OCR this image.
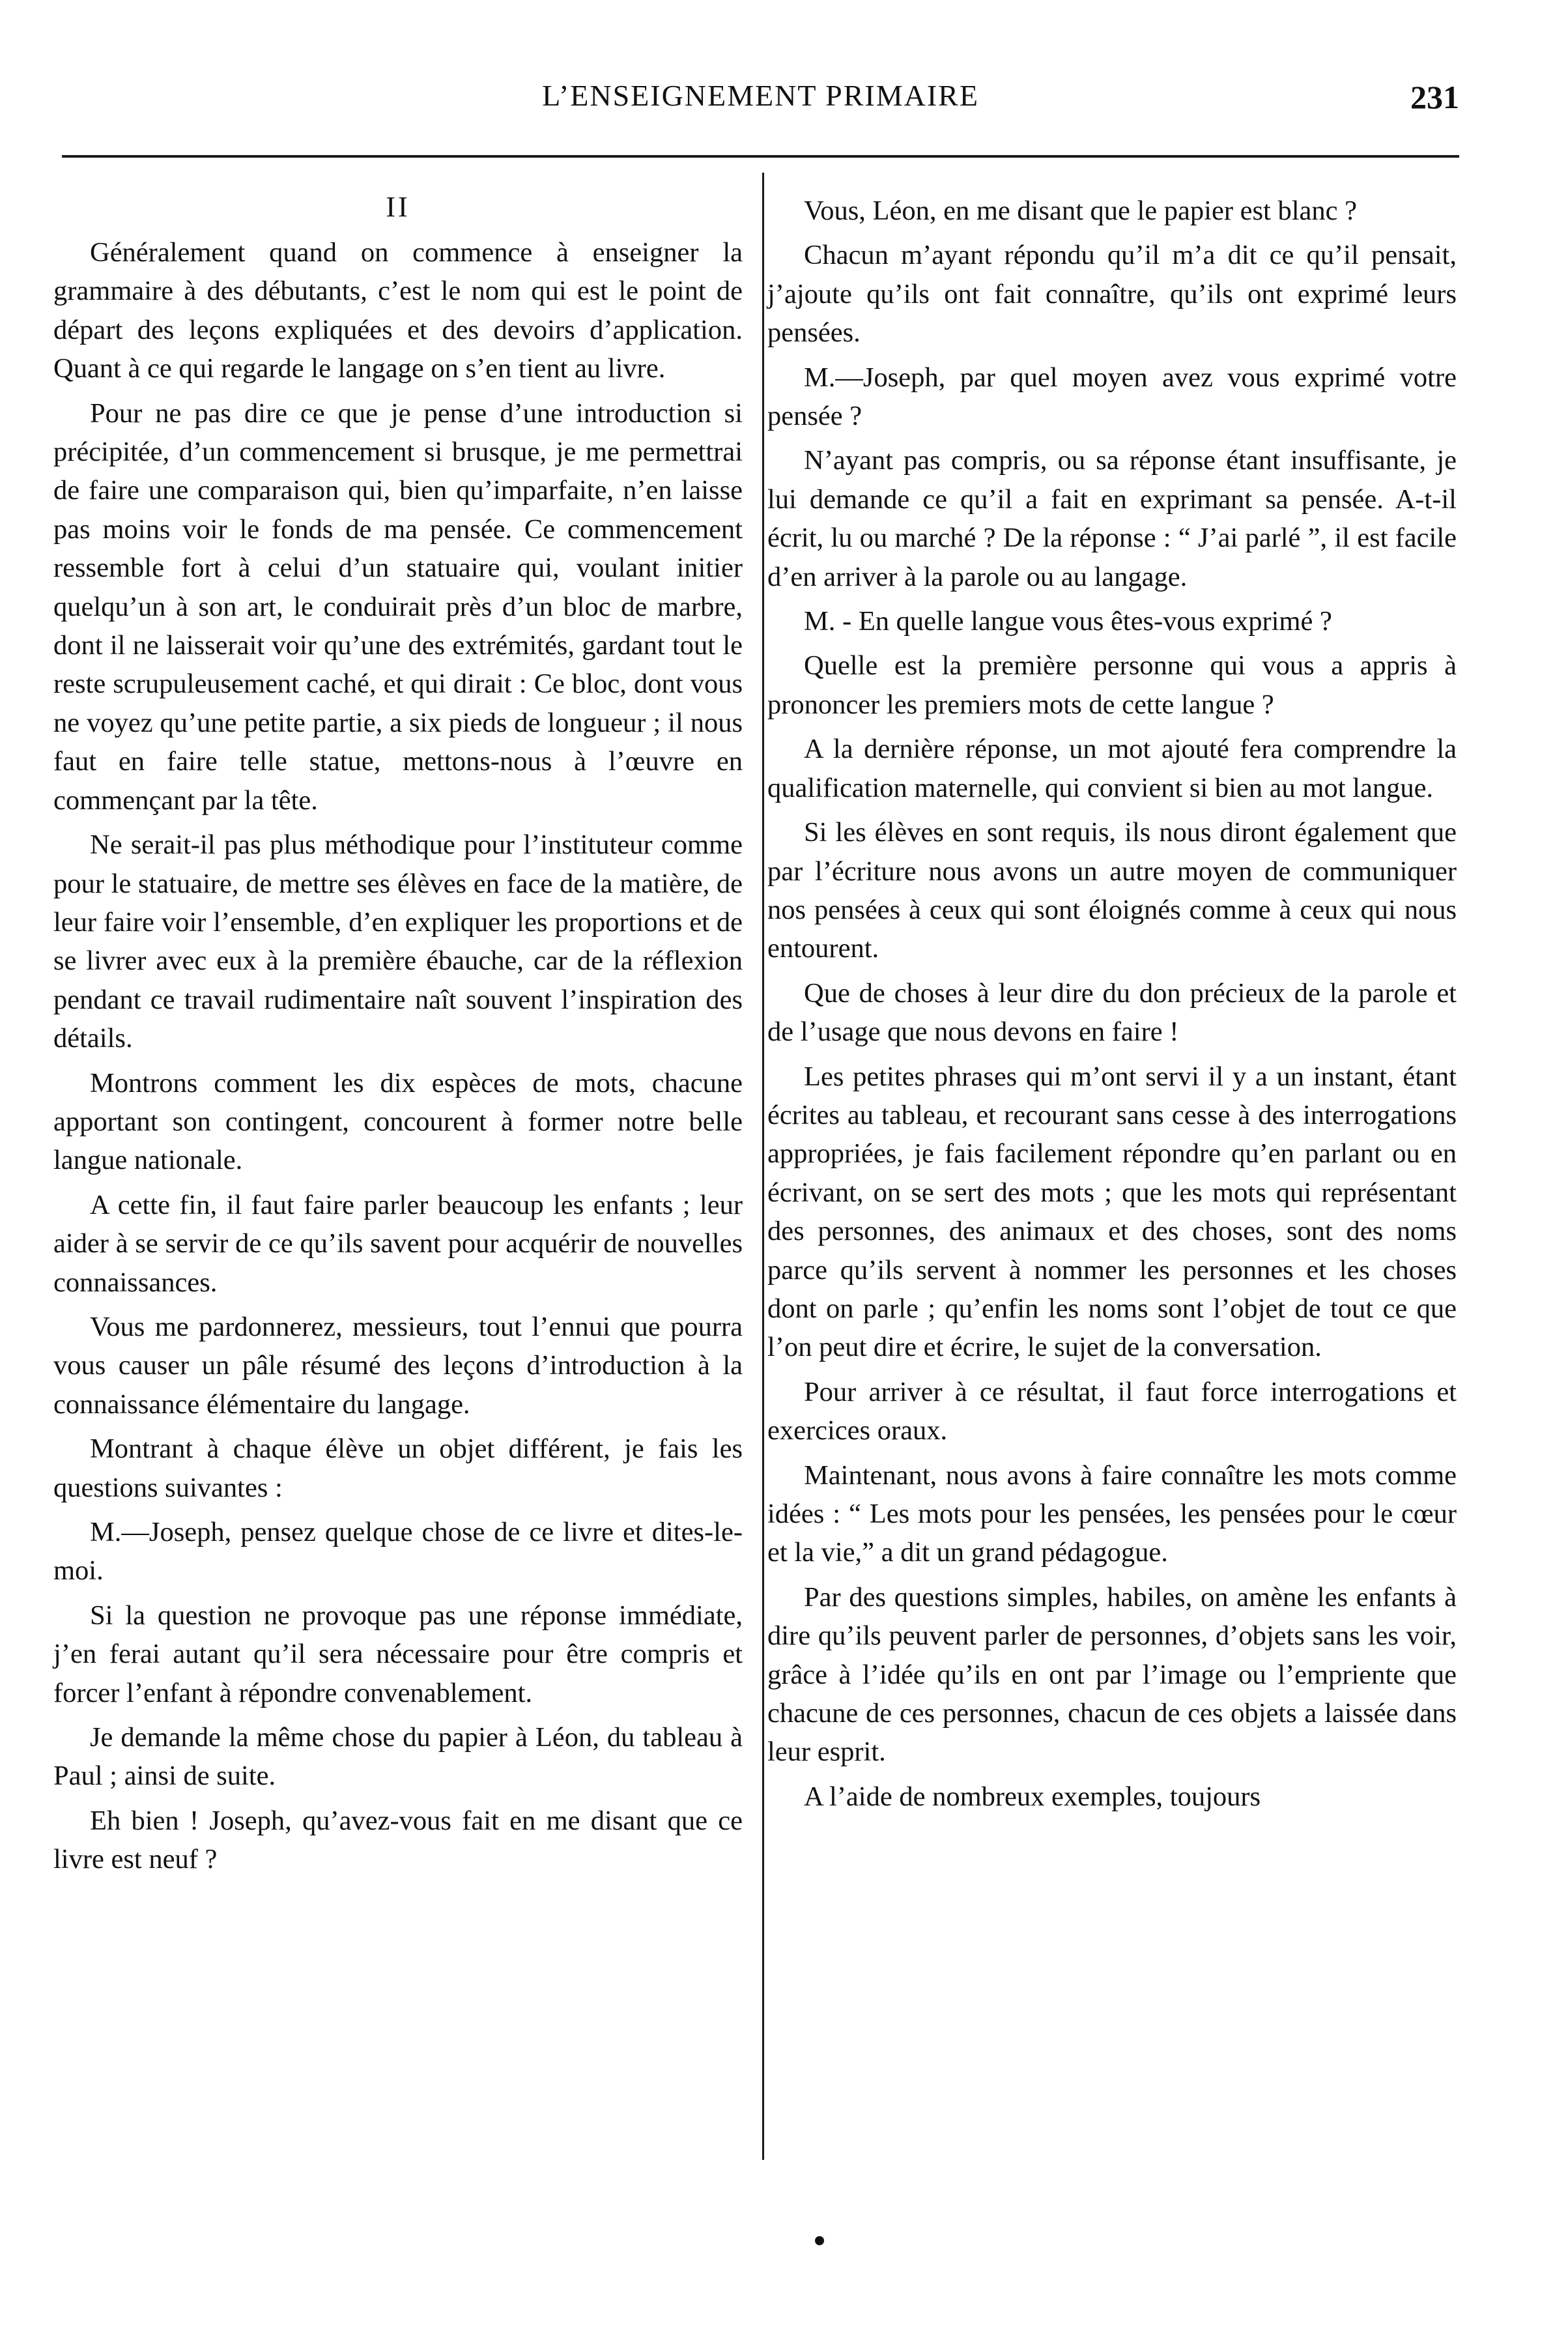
L’ENSEIGNEMENT PRIMAIRE	231
II

Généralement quand on commence à enseigner la grammaire à des débutants, c’est le nom qui est le point de départ des leçons expliquées et des devoirs d’application. Quant à ce qui regarde le langage on s’en tient au livre.

Pour ne pas dire ce que je pense d’une introduction si précipitée, d’un commencement si brusque, je me permettrai de faire une comparaison qui, bien qu’imparfaite, n’en laisse pas moins voir le fonds de ma pensée. Ce commencement ressemble fort à celui d’un statuaire qui, voulant initier quelqu’un à son art, le conduirait près d’un bloc de marbre, dont il ne laisserait voir qu’une des extrémités, gardant tout le reste scrupuleusement caché, et qui dirait : Ce bloc, dont vous ne voyez qu’une petite partie, a six pieds de longueur ; il nous faut en faire telle statue, mettons-nous à l’œuvre en commençant par la tête.

Ne serait-il pas plus méthodique pour l’instituteur comme pour le statuaire, de mettre ses élèves en face de la matière, de leur faire voir l’ensemble, d’en expliquer les proportions et de se livrer avec eux à la première ébauche, car de la réflexion pendant ce travail rudimentaire naît souvent l’inspiration des détails.

Montrons comment les dix espèces de mots, chacune apportant son contingent, concourent à former notre belle langue nationale.

A cette fin, il faut faire parler beaucoup les enfants ; leur aider à se servir de ce qu’ils savent pour acquérir de nouvelles connaissances.

Vous me pardonnerez, messieurs, tout l’ennui que pourra vous causer un pâle résumé des leçons d’introduction à la connaissance élémentaire du langage.

Montrant à chaque élève un objet différent, je fais les questions suivantes :

M.—Joseph, pensez quelque chose de ce livre et dites-le-moi.

Si la question ne provoque pas une réponse immédiate, j’en ferai autant qu’il sera nécessaire pour être compris et forcer l’enfant à répondre convenablement.

Je demande la même chose du papier à Léon, du tableau à Paul ; ainsi de suite.

Eh bien ! Joseph, qu’avez-vous fait en me disant que ce livre est neuf ?

Vous, Léon, en me disant que le papier est blanc ?

Chacun m’ayant répondu qu’il m’a dit ce qu’il pensait, j’ajoute qu’ils ont fait connaître, qu’ils ont exprimé leurs pensées.

M.—Joseph, par quel moyen avez vous exprimé votre pensée ?

N’ayant pas compris, ou sa réponse étant insuffisante, je lui demande ce qu’il a fait en exprimant sa pensée. A-t-il écrit, lu ou marché ? De la réponse : “ J’ai parlé ”, il est facile d’en arriver à la parole ou au langage.

M. - En quelle langue vous êtes-vous exprimé ?

Quelle est la première personne qui vous a appris à prononcer les premiers mots de cette langue ?

A la dernière réponse, un mot ajouté fera comprendre la qualification maternelle, qui convient si bien au mot langue.

Si les élèves en sont requis, ils nous diront également que par l’écriture nous avons un autre moyen de communiquer nos pensées à ceux qui sont éloignés comme à ceux qui nous entourent.

Que de choses à leur dire du don précieux de la parole et de l’usage que nous devons en faire !

Les petites phrases qui m’ont servi il y a un instant, étant écrites au tableau, et recourant sans cesse à des interrogations appropriées, je fais facilement répondre qu’en parlant ou en écrivant, on se sert des mots ; que les mots qui représentant des personnes, des animaux et des choses, sont des noms parce qu’ils servent à nommer les personnes et les choses dont on parle ; qu’enfin les noms sont l’objet de tout ce que l’on peut dire et écrire, le sujet de la conversation.

Pour arriver à ce résultat, il faut force interrogations et exercices oraux.

Maintenant, nous avons à faire connaître les mots comme idées : “ Les mots pour les pensées, les pensées pour le cœur et la vie,” a dit un grand pédagogue.

Par des questions simples, habiles, on amène les enfants à dire qu’ils peuvent parler de personnes, d’objets sans les voir, grâce à l’idée qu’ils en ont par l’image ou l’empriente que chacune de ces personnes, chacun de ces objets a laissée dans leur esprit.

A l’aide de nombreux exemples, toujours
